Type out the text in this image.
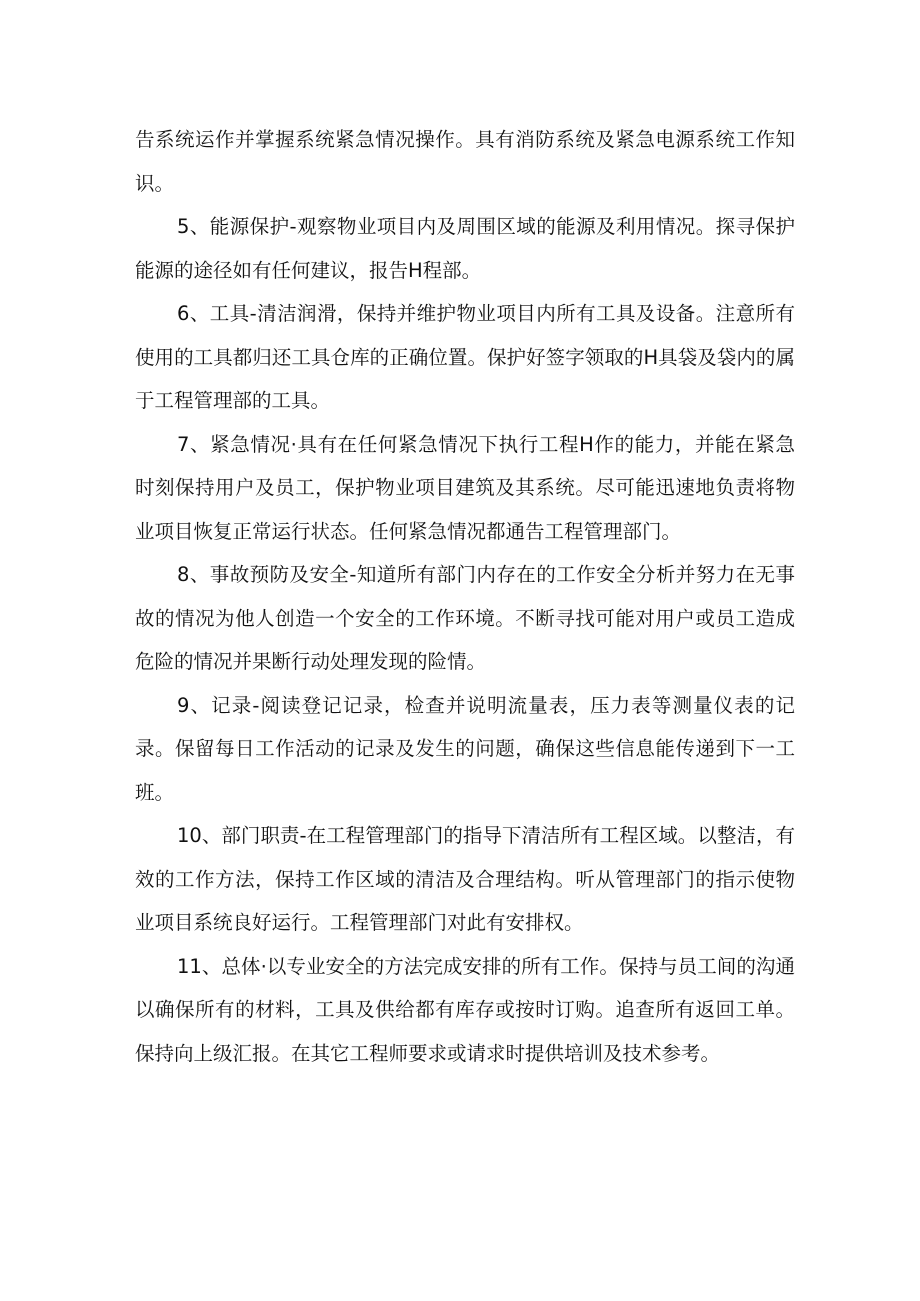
告系统运作并掌握系统紧急情况操作。具有消防系统及紧急电源系统工作知识。

5、能源保护-观察物业项目内及周围区域的能源及利用情况。探寻保护能源的途径如有任何建议，报告H程部。

6、工具-清洁润滑，保持并维护物业项目内所有工具及设备。注意所有使用的工具都归还工具仓库的正确位置。保护好签字领取的H具袋及袋内的属于工程管理部的工具。

7、紧急情况·具有在任何紧急情况下执行工程H作的能力，并能在紧急时刻保持用户及员工，保护物业项目建筑及其系统。尽可能迅速地负责将物业项目恢复正常运行状态。任何紧急情况都通告工程管理部门。

8、事故预防及安全-知道所有部门内存在的工作安全分析并努力在无事故的情况为他人创造一个安全的工作环境。不断寻找可能对用户或员工造成危险的情况并果断行动处理发现的险情。

9、记录-阅读登记记录，检查并说明流量表，压力表等测量仪表的记录。保留每日工作活动的记录及发生的问题，确保这些信息能传递到下一工班。

10、部门职责-在工程管理部门的指导下清洁所有工程区域。以整洁，有效的工作方法，保持工作区域的清洁及合理结构。听从管理部门的指示使物业项目系统良好运行。工程管理部门对此有安排权。

11、总体·以专业安全的方法完成安排的所有工作。保持与员工间的沟通以确保所有的材料，工具及供给都有库存或按时订购。追查所有返回工单。保持向上级汇报。在其它工程师要求或请求时提供培训及技术参考。
